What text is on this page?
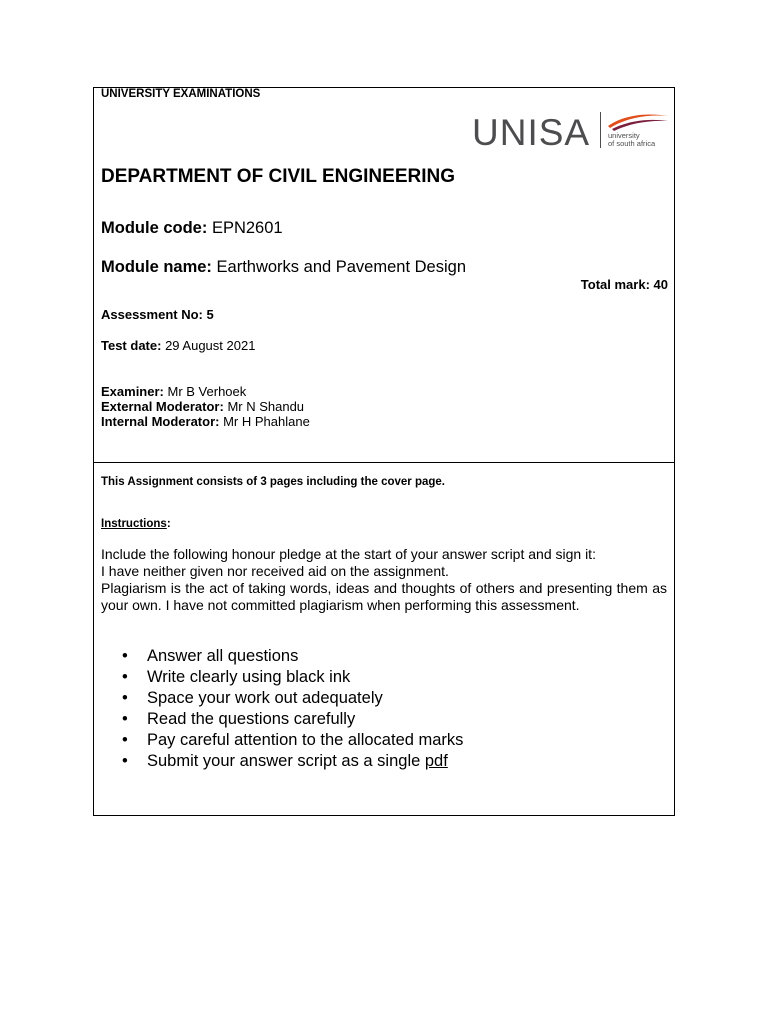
UNIVERSITY EXAMINATIONS
UNISA university
of south africa
DEPARTMENT OF CIVIL ENGINEERING
Module code: EPN2601
Module name: Earthworks and Pavement Design
Total mark: 40
Assessment No: 5
Test date: 29 August 2021
Examiner: Mr B Verhoek
External Moderator: Mr N Shandu
Internal Moderator: Mr H Phahlane
This Assignment consists of 3 pages including the cover page.
Instructions:

Include the following honour pledge at the start of your answer script and sign it:

I have neither given nor received aid on the assignment.

Plagiarism is the act of taking words, ideas and thoughts of others and presenting them as your own. I have not committed plagiarism when performing this assessment.

• Answer all questions
• Write clearly using black ink
• Space your work out adequately
• Read the questions carefully
• Pay careful attention to the allocated marks
• Submit your answer script as a single pdf
